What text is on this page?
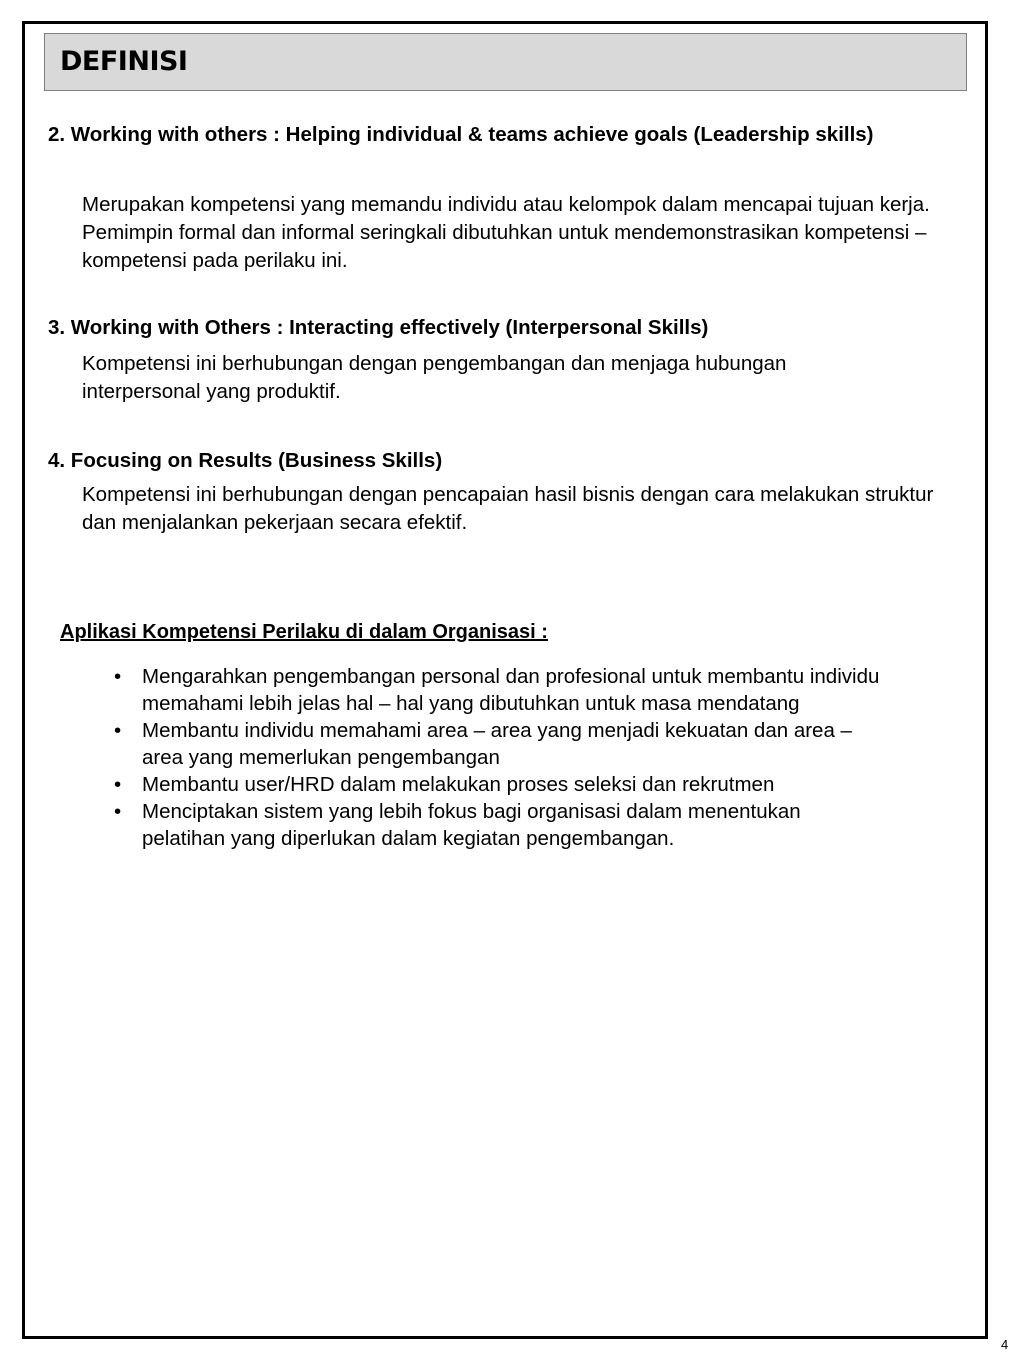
DEFINISI
2. Working with others : Helping individual & teams achieve goals (Leadership skills)
Merupakan kompetensi yang memandu individu atau kelompok dalam mencapai tujuan kerja. Pemimpin formal dan informal seringkali dibutuhkan untuk mendemonstrasikan kompetensi – kompetensi pada perilaku ini.
3. Working with Others : Interacting effectively (Interpersonal Skills)
Kompetensi ini berhubungan dengan pengembangan dan menjaga hubungan interpersonal yang produktif.
4. Focusing on Results (Business Skills)
Kompetensi ini berhubungan dengan pencapaian hasil bisnis dengan cara melakukan struktur dan menjalankan pekerjaan secara efektif.
Aplikasi Kompetensi Perilaku di dalam Organisasi :
•	Mengarahkan pengembangan personal dan profesional untuk membantu individu memahami lebih jelas hal – hal yang dibutuhkan untuk masa mendatang
•	Membantu individu memahami area – area yang menjadi kekuatan dan area – area yang memerlukan pengembangan
•	Membantu user/HRD dalam melakukan proses seleksi dan rekrutmen
•	Menciptakan sistem yang lebih fokus bagi organisasi dalam menentukan pelatihan yang diperlukan dalam kegiatan pengembangan.
4
